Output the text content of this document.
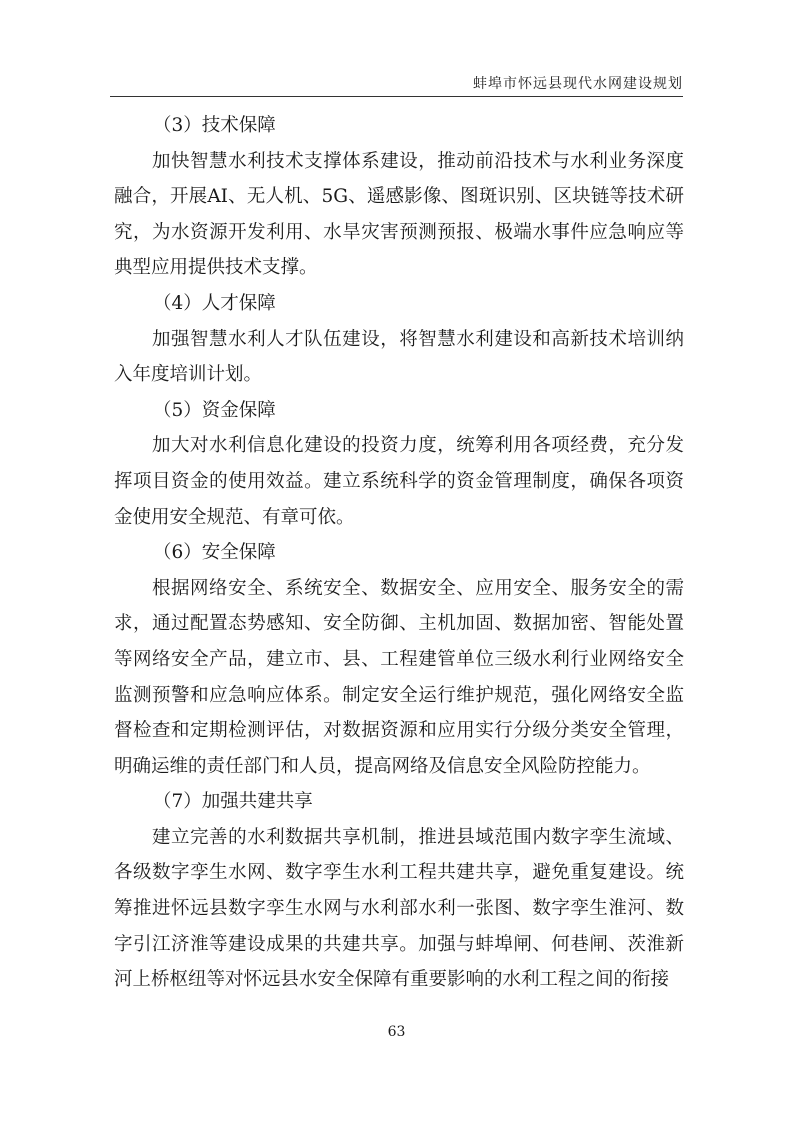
蚌埠市怀远县现代水网建设规划

（3）技术保障

加快智慧水利技术支撑体系建设，推动前沿技术与水利业务深度融合，开展AI、无人机、5G、遥感影像、图斑识别、区块链等技术研究，为水资源开发利用、水旱灾害预测预报、极端水事件应急响应等典型应用提供技术支撑。

（4）人才保障

加强智慧水利人才队伍建设，将智慧水利建设和高新技术培训纳入年度培训计划。

（5）资金保障

加大对水利信息化建设的投资力度，统筹利用各项经费，充分发挥项目资金的使用效益。建立系统科学的资金管理制度，确保各项资金使用安全规范、有章可依。

（6）安全保障

根据网络安全、系统安全、数据安全、应用安全、服务安全的需求，通过配置态势感知、安全防御、主机加固、数据加密、智能处置等网络安全产品，建立市、县、工程建管单位三级水利行业网络安全监测预警和应急响应体系。制定安全运行维护规范，强化网络安全监督检查和定期检测评估，对数据资源和应用实行分级分类安全管理，明确运维的责任部门和人员，提高网络及信息安全风险防控能力。

（7）加强共建共享

建立完善的水利数据共享机制，推进县域范围内数字孪生流域、各级数字孪生水网、数字孪生水利工程共建共享，避免重复建设。统筹推进怀远县数字孪生水网与水利部水利一张图、数字孪生淮河、数字引江济淮等建设成果的共建共享。加强与蚌埠闸、何巷闸、茨淮新河上桥枢纽等对怀远县水安全保障有重要影响的水利工程之间的衔接

63
